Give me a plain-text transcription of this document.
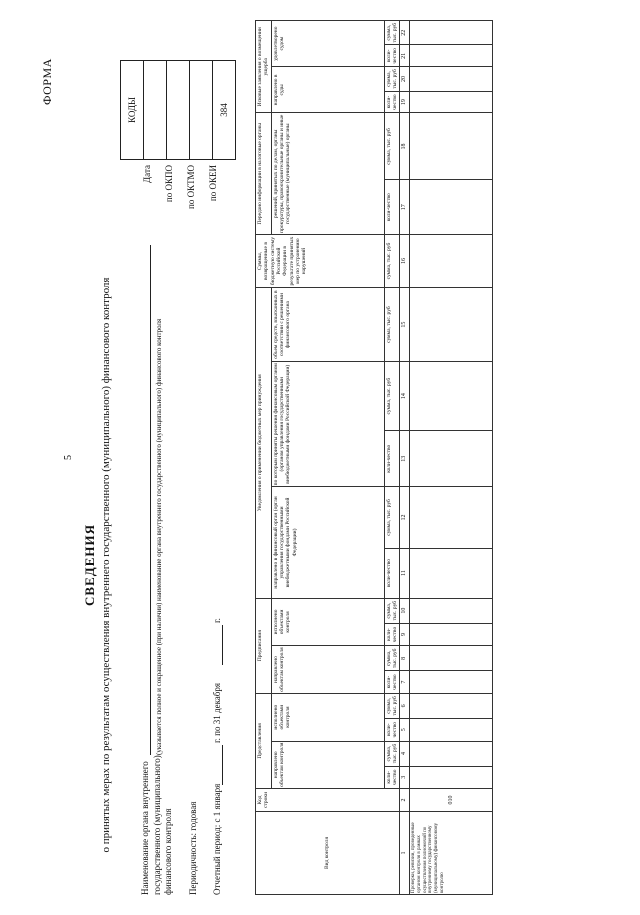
ФОРМА
5
СВЕДЕНИЯ о принятых мерах по результатам осуществления внутреннего государственного (муниципального) финансового контроля	Наименование органа внутреннего государственного (муниципального) финансового контроля
(указывается полное и сокращенное (при наличии) наименование органа внутреннего государственного (муниципального) финансового контроля
Периодичность: годовая Отчетный период: с 1 января
г. по 31 декабря
г.
Дата по ОКПО по ОКТМО по ОКЕИ
КОДЫ

384
Вид контроля	Код строки	Представления				Предписания				Уведомления о применении бюджетных мер принуждения					Суммы, возвращенные в бюджетную систему Российской Федерации в результате принятых мер по устранению нарушений	Передано информации в налоговые органы		Исковые заявления о возмещении ущерба			
		направлено объектам контроля		исполнено объектами контроля		направлено объектам контроля		исполнено объектами контроля		направлено в финансовый орган (орган управления государственными внебюджетными фондами Российской Федерации)		по которым приняты решения финансовым органом (органом управления государственными внебюджетными фондами Российской Федерации)		объем средств, взысканных в соответствии с решениями финансового органа		решений, принятых по делам, органы прокуратуры, правоохранительные органы и иные государственные (муниципальные) органы		направлено в суды		удовлетворено судом	
		коли-чество	сумма, тыс. руб	коли-чество	сумма, тыс. руб	коли-чество	сумма, тыс. руб	коли-чество	сумма, тыс. руб	коли-чество	сумма, тыс. руб	коли-чество	сумма, тыс. руб	сумма, тыс. руб	сумма, тыс. руб	коли-чество	сумма, тыс. руб	коли-чество	сумма, тыс. руб	коли-чество	сумма, тыс. руб
1	2	3	4	5	6	7	8	9	10	11	12	13	14	15	16	17	18	19	20	21	22
Проверки, ревизии, проведенные органом контроля в рамках осуществления полномочий по внутреннему государственному (муниципальному) финансовому контролю	010																				
